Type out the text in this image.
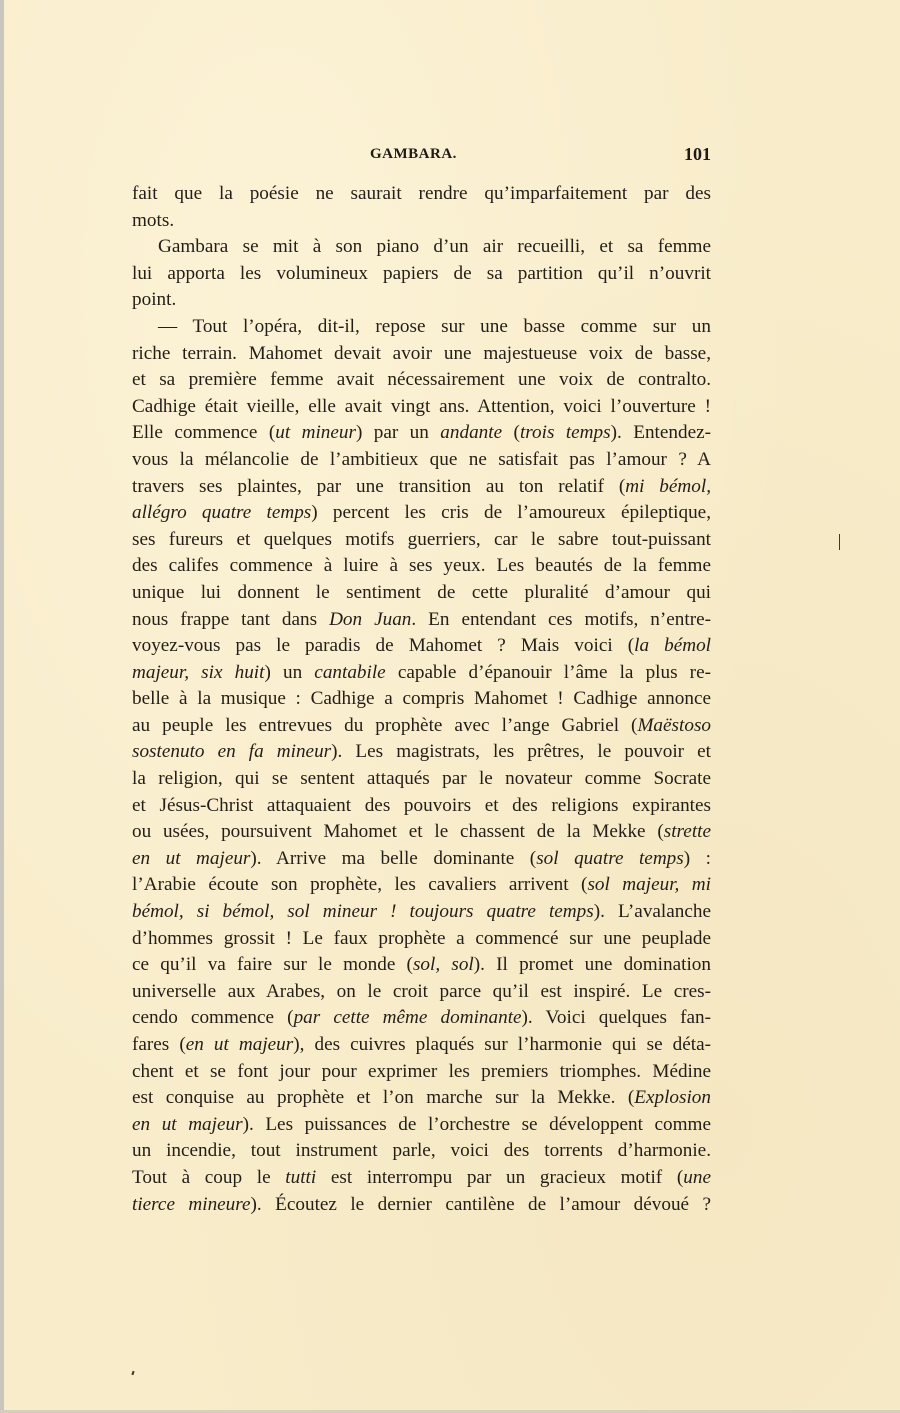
GAMBARA.	101
fait que la poésie ne saurait rendre qu’imparfaitement par des
mots.
Gambara se mit à son piano d’un air recueilli, et sa femme
lui apporta les volumineux papiers de sa partition qu’il n’ouvrit
point.
— Tout l’opéra, dit-il, repose sur une basse comme sur un
riche terrain. Mahomet devait avoir une majestueuse voix de basse,
et sa première femme avait nécessairement une voix de contralto.
Cadhige était vieille, elle avait vingt ans. Attention, voici l’ouverture !
Elle commence (ut mineur) par un andante (trois temps). Entendez-
vous la mélancolie de l’ambitieux que ne satisfait pas l’amour ? A
travers ses plaintes, par une transition au ton relatif (mi bémol,
allégro quatre temps) percent les cris de l’amoureux épileptique,
ses fureurs et quelques motifs guerriers, car le sabre tout-puissant
des califes commence à luire à ses yeux. Les beautés de la femme
unique lui donnent le sentiment de cette pluralité d’amour qui
nous frappe tant dans Don Juan. En entendant ces motifs, n’entre-
voyez-vous pas le paradis de Mahomet ? Mais voici (la bémol
majeur, six huit) un cantabile capable d’épanouir l’âme la plus re-
belle à la musique : Cadhige a compris Mahomet ! Cadhige annonce
au peuple les entrevues du prophète avec l’ange Gabriel (Maëstoso
sostenuto en fa mineur). Les magistrats, les prêtres, le pouvoir et
la religion, qui se sentent attaqués par le novateur comme Socrate
et Jésus-Christ attaquaient des pouvoirs et des religions expirantes
ou usées, poursuivent Mahomet et le chassent de la Mekke (strette
en ut majeur). Arrive ma belle dominante (sol quatre temps) :
l’Arabie écoute son prophète, les cavaliers arrivent (sol majeur, mi
bémol, si bémol, sol mineur ! toujours quatre temps). L’avalanche
d’hommes grossit ! Le faux prophète a commencé sur une peuplade
ce qu’il va faire sur le monde (sol, sol). Il promet une domination
universelle aux Arabes, on le croit parce qu’il est inspiré. Le cres-
cendo commence (par cette même dominante). Voici quelques fan-
fares (en ut majeur), des cuivres plaqués sur l’harmonie qui se déta-
chent et se font jour pour exprimer les premiers triomphes. Médine
est conquise au prophète et l’on marche sur la Mekke. (Explosion
en ut majeur). Les puissances de l’orchestre se développent comme
un incendie, tout instrument parle, voici des torrents d’harmonie.
Tout à coup le tutti est interrompu par un gracieux motif (une
tierce mineure). Écoutez le dernier cantilène de l’amour dévoué ?
